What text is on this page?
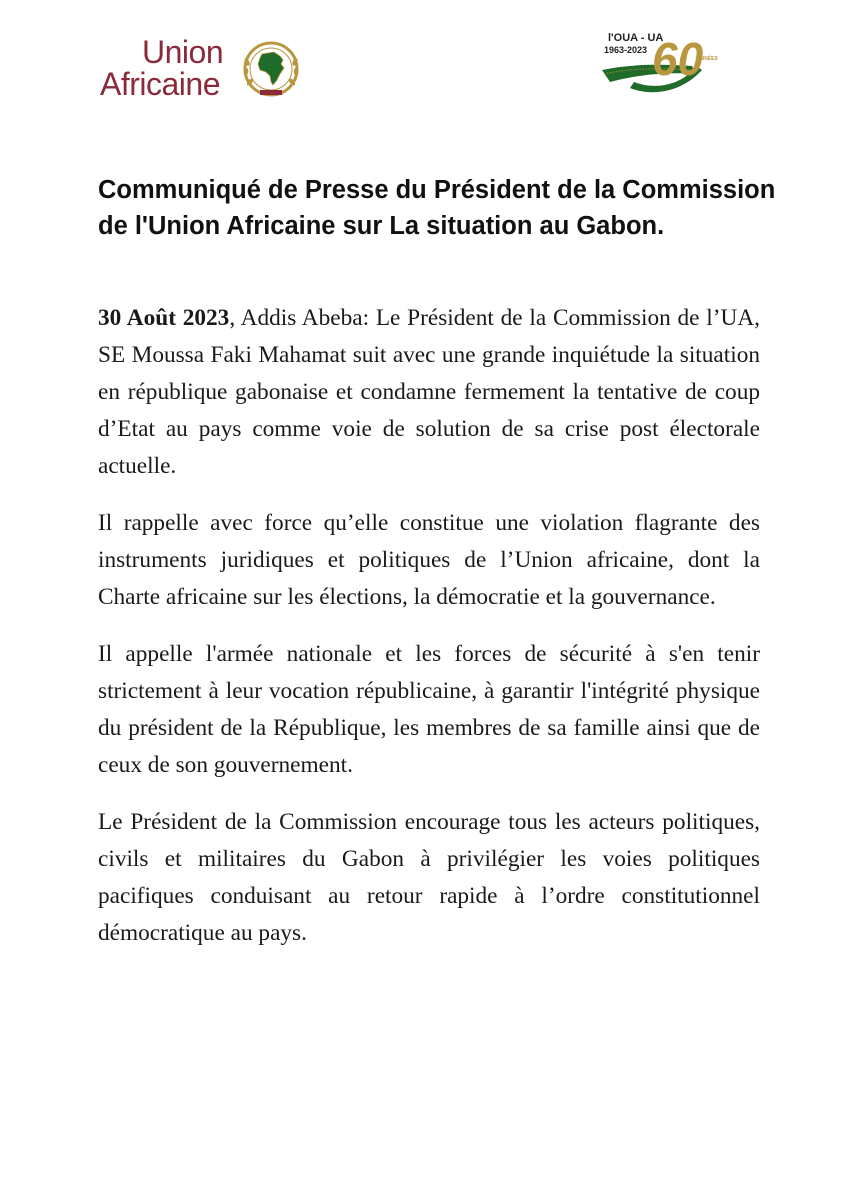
Union
Africaine
l'OUA - UA
1963-2023 60
ANNÉES
Communiqué de Presse du Président de la Commission de l'Union Africaine sur La situation au Gabon.

30 Août 2023, Addis Abeba: Le Président de la Commission de l’UA, SE Moussa Faki Mahamat suit avec une grande inquiétude la situation en république gabonaise et condamne fermement la tentative de coup d’Etat au pays comme voie de solution de sa crise post électorale actuelle.

Il rappelle avec force qu’elle constitue une violation flagrante des instruments juridiques et politiques de l’Union africaine, dont la Charte africaine sur les élections, la démocratie et la gouvernance.

Il appelle l'armée nationale et les forces de sécurité à s'en tenir strictement à leur vocation républicaine, à garantir l'intégrité physique du président de la République, les membres de sa famille ainsi que de ceux de son gouvernement.

Le Président de la Commission encourage tous les acteurs politiques, civils et militaires du Gabon à privilégier les voies politiques pacifiques conduisant au retour rapide à l’ordre constitutionnel démocratique au pays.
